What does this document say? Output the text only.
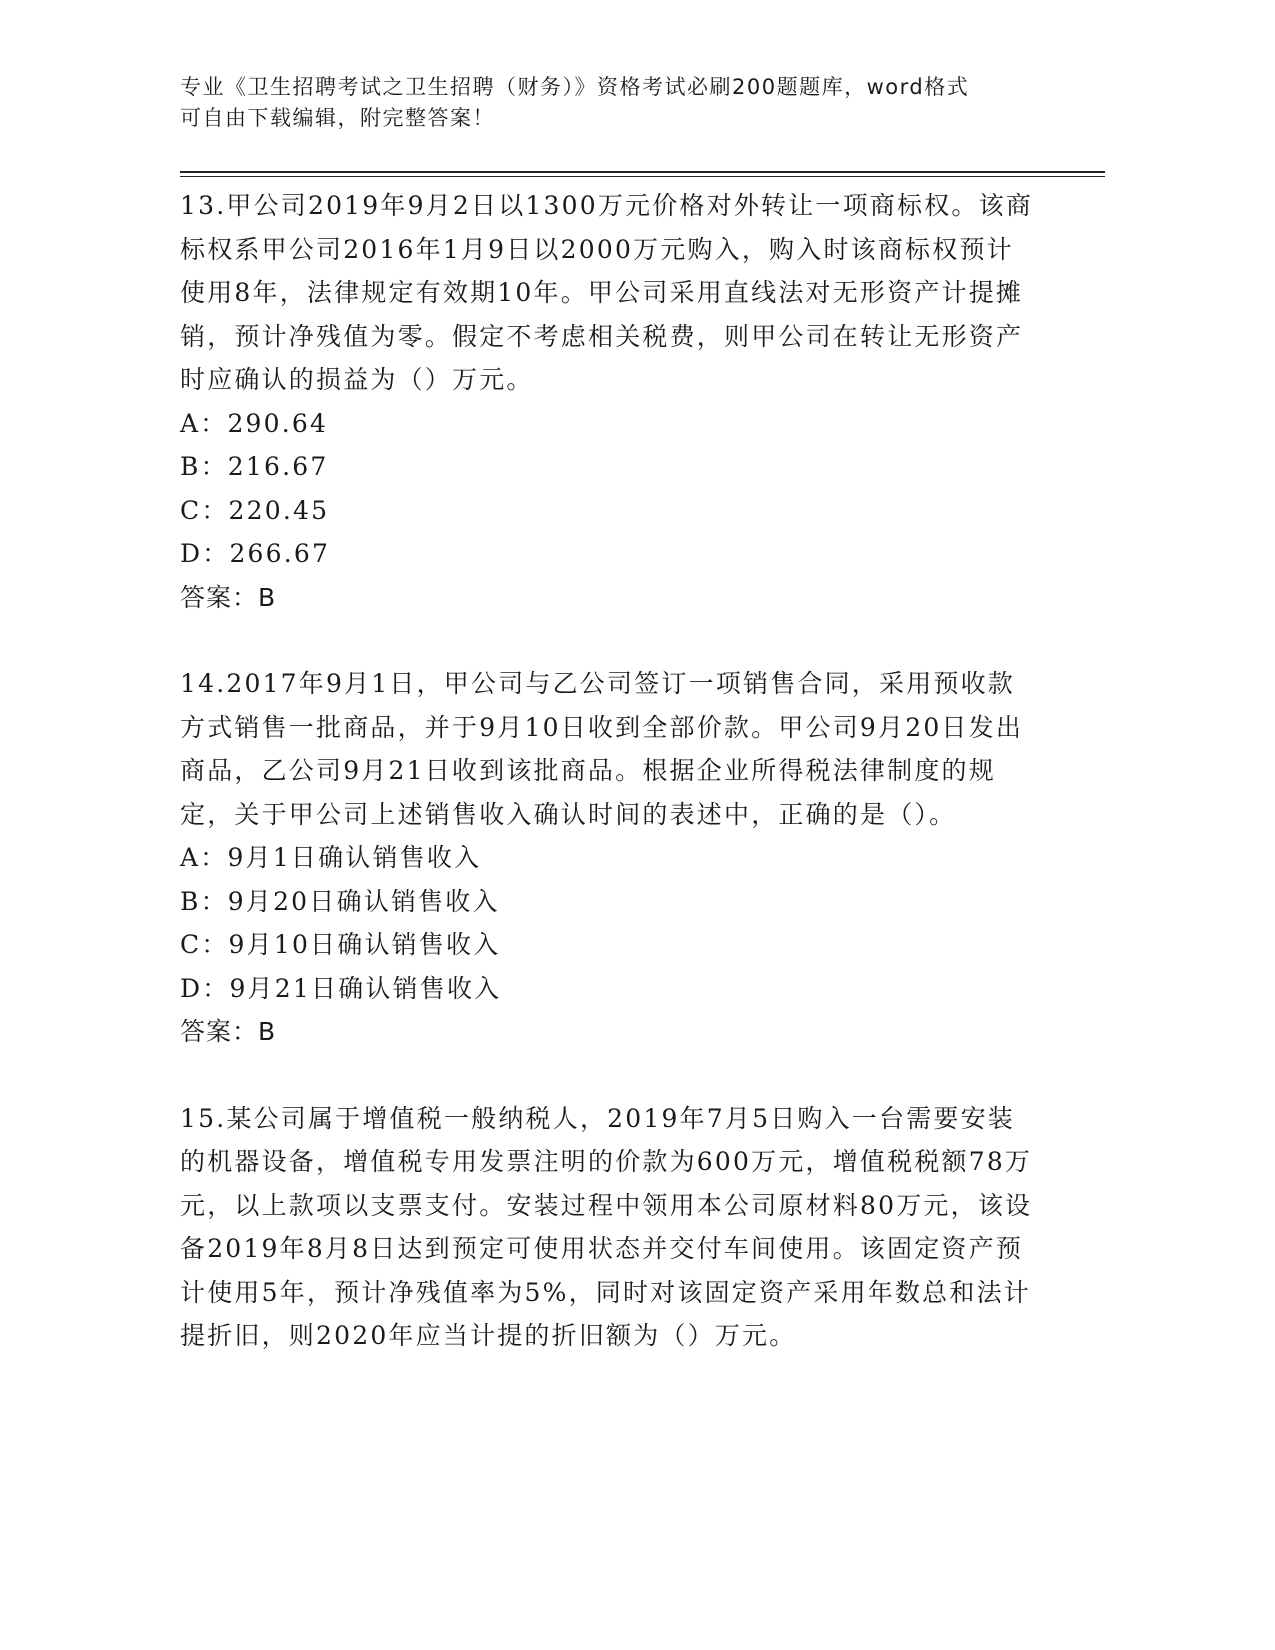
专业《卫生招聘考试之卫生招聘（财务）》资格考试必刷200题题库，word格式
可自由下载编辑，附完整答案！

13.甲公司2019年9月2日以1300万元价格对外转让一项商标权。该商标权系甲公司2016年1月9日以2000万元购入，购入时该商标权预计使用8年，法律规定有效期10年。甲公司采用直线法对无形资产计提摊销，预计净残值为零。假定不考虑相关税费，则甲公司在转让无形资产时应确认的损益为（）万元。

A：290.64

B：216.67

C：220.45

D：266.67

答案：B

14.2017年9月1日，甲公司与乙公司签订一项销售合同，采用预收款方式销售一批商品，并于9月10日收到全部价款。甲公司9月20日发出商品，乙公司9月21日收到该批商品。根据企业所得税法律制度的规定，关于甲公司上述销售收入确认时间的表述中，正确的是（）。

A：9月1日确认销售收入

B：9月20日确认销售收入

C：9月10日确认销售收入

D：9月21日确认销售收入

答案：B

15.某公司属于增值税一般纳税人，2019年7月5日购入一台需要安装的机器设备，增值税专用发票注明的价款为600万元，增值税税额78万元，以上款项以支票支付。安装过程中领用本公司原材料80万元，该设备2019年8月8日达到预定可使用状态并交付车间使用。该固定资产预计使用5年，预计净残值率为5%，同时对该固定资产采用年数总和法计提折旧，则2020年应当计提的折旧额为（）万元。
